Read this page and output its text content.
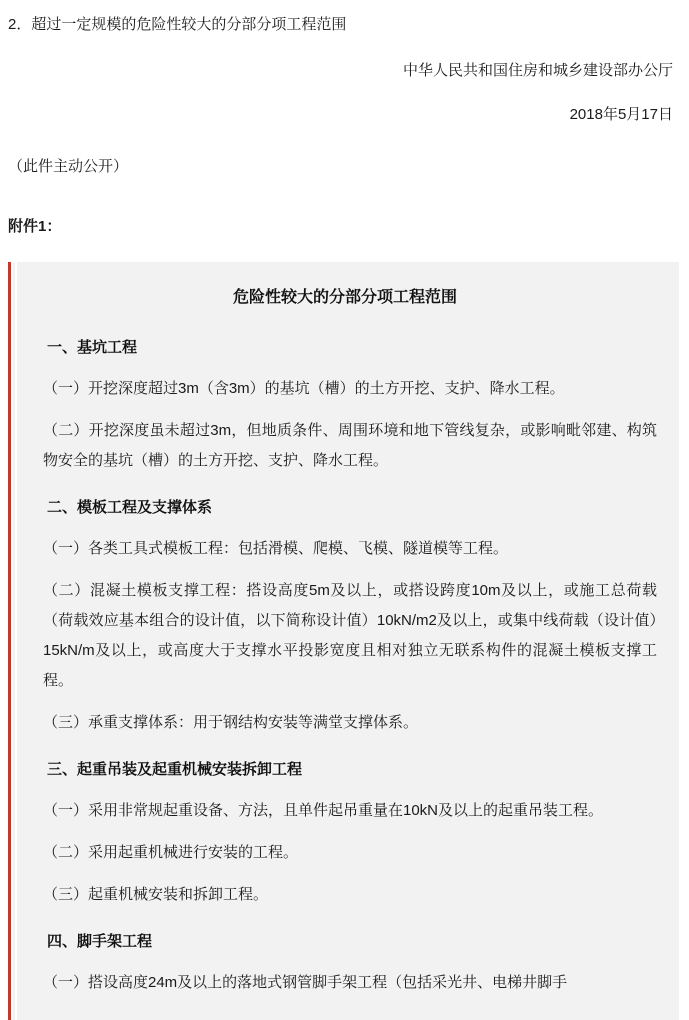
2．超过一定规模的危险性较大的分部分项工程范围
中华人民共和国住房和城乡建设部办公厅
2018年5月17日
（此件主动公开）
附件1：
危险性较大的分部分项工程范围
一、基坑工程
（一）开挖深度超过3m（含3m）的基坑（槽）的土方开挖、支护、降水工程。
（二）开挖深度虽未超过3m，但地质条件、周围环境和地下管线复杂，或影响毗邻建、构筑物安全的基坑（槽）的土方开挖、支护、降水工程。
二、模板工程及支撑体系
（一）各类工具式模板工程：包括滑模、爬模、飞模、隧道模等工程。
（二）混凝土模板支撑工程：搭设高度5m及以上，或搭设跨度10m及以上，或施工总荷载（荷载效应基本组合的设计值，以下简称设计值）10kN/m2及以上，或集中线荷载（设计值）15kN/m及以上，或高度大于支撑水平投影宽度且相对独立无联系构件的混凝土模板支撑工程。
（三）承重支撑体系：用于钢结构安装等满堂支撑体系。
三、起重吊装及起重机械安装拆卸工程
（一）采用非常规起重设备、方法，且单件起吊重量在10kN及以上的起重吊装工程。
（二）采用起重机械进行安装的工程。
（三）起重机械安装和拆卸工程。
四、脚手架工程
（一）搭设高度24m及以上的落地式钢管脚手架工程（包括采光井、电梯井脚手
